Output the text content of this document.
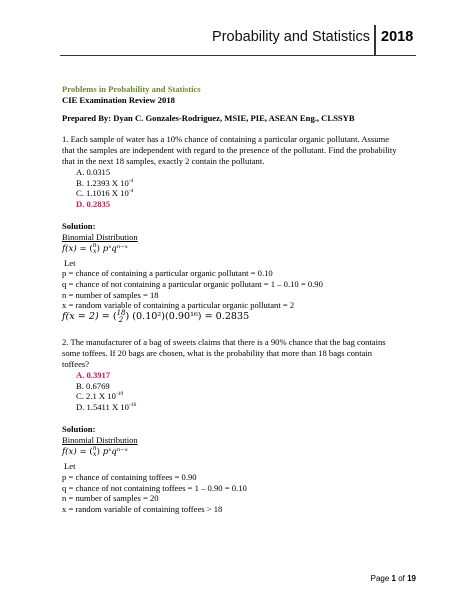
Probability and Statistics 2018
Problems in Probability and Statistics
CIE Examination Review 2018
Prepared By: Dyan C. Gonzales-Rodriguez, MSIE, PIE, ASEAN Eng., CLSSYB
1. Each sample of water has a 10% chance of containing a particular organic pollutant. Assume
that the samples are independent with regard to the presence of the pollutant. Find the probability
that in the next 18 samples, exactly 2 contain the pollutant.
A. 0.0315
B. 1.2393 X $10^{-4}$
C. 1.1016 X $10^{-4}$
D. 0.2835
Solution:
Binomial Distribution
f(x) = (n
x) pˣqⁿ⁻ˣ
Let
p = chance of containing a particular organic pollutant = 0.10
q = chance of not containing a particular organic pollutant = 1 – 0.10 = 0.90
n = number of samples = 18
x = random variable of containing a particular organic pollutant = 2
f(x = 2) = (18
2 ) (0.10²)(0.90¹⁶) = 0.2835
2. The manufacturer of a bag of sweets claims that there is a 90% chance that the bag contains
some toffees. If 20 bags are chosen, what is the probability that more than 18 bags contain
toffees?
A. 0.3917
B. 0.6769
C. 2.1 X $10^{-19}$
D. 1.5411 X $10^{-16}$
Solution:
Binomial Distribution
f(x) = (n
x) pˣqⁿ⁻ˣ
Let
p = chance of containing toffees = 0.90
q = chance of not containing toffees = 1 – 0.90 = 0.10
n = number of samples = 20
x = random variable of containing toffees > 18
Page 1 of 19
